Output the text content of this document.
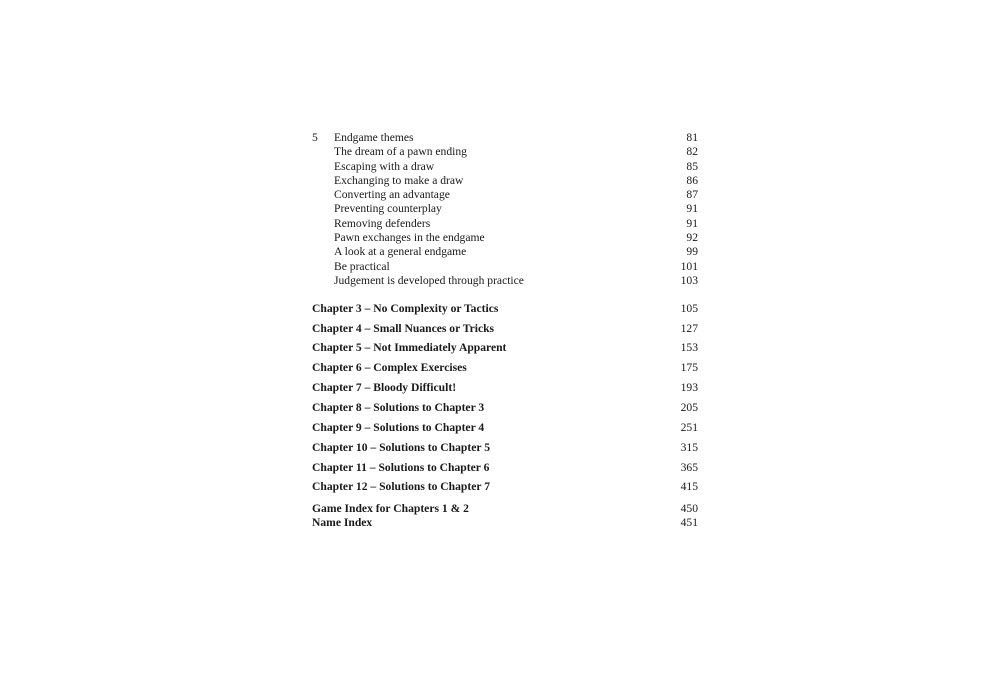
5	Endgame themes	81
The dream of a pawn ending	82
Escaping with a draw	85
Exchanging to make a draw	86
Converting an advantage	87
Preventing counterplay	91
Removing defenders	91
Pawn exchanges in the endgame	92
A look at a general endgame	99
Be practical	101
Judgement is developed through practice	103
Chapter 3 – No Complexity or Tactics	105
Chapter 4 – Small Nuances or Tricks	127
Chapter 5 – Not Immediately Apparent	153
Chapter 6 – Complex Exercises	175
Chapter 7 – Bloody Difficult!	193
Chapter 8 – Solutions to Chapter 3	205
Chapter 9 – Solutions to Chapter 4	251
Chapter 10 – Solutions to Chapter 5	315
Chapter 11 – Solutions to Chapter 6	365
Chapter 12 – Solutions to Chapter 7	415
Game Index for Chapters 1 & 2	450
Name Index	451
